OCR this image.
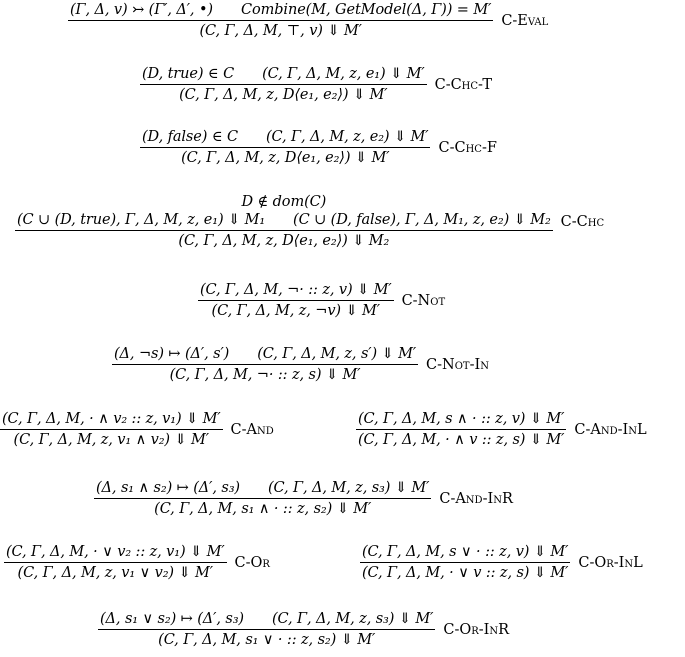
(Γ, Δ, v) ↣ (Γ′, Δ′, •) Combine(M, GetModel(Δ, Γ)) = M′
(C, Γ, Δ, M, ⊤, v) ⇓ M′
C-Eval
$\frac{\text{(D, true) ∈ C (C, Γ, Δ, M, z, e₁) ⇓ M′}}{\text{(C, Γ, Δ, M, z, D⟨e₁, e₂⟩) ⇓ M′}} C-Chc-T$
$\frac{\text{(D, false) ∈ C (C, Γ, Δ, M, z, e₂) ⇓ M′}}{\text{(C, Γ, Δ, M, z, D⟨e₁, e₂⟩) ⇓ M′}} C-Chc-F$
D ∉ dom(C)
(C ∪ (D, true), Γ, Δ, M, z, e₁) ⇓ M₁ (C ∪ (D, false), Γ, Δ, M₁, z, e₂) ⇓ M₂
(C, Γ, Δ, M, z, D⟨e₁, e₂⟩) ⇓ M₂
C-Chc
$\frac{(C, \Gamma, \Delta, M, \neg\cdot :: z, v) ⇓ M'}{(C, \Gamma, \Delta, M, z, \neg v) ⇓ M'} C-Not$
$\frac{(\Delta, \neg s) ↦ (\Delta', s') (C, \Gamma, \Delta, M, z, s') ⇓ M'}{(C, \Gamma, \Delta, M, \neg\cdot :: z, s) ⇓ M'} C-Not-In$
$\frac{\text{(C, Γ, Δ, M, · ∧ v₂ :: z, v₁) ⇓ M′}}{\text{(C, Γ, Δ, M, z, v₁ ∧ v₂) ⇓ M′}} C-And$	$\frac{(C, \Gamma, \Delta, M, s \wedge \cdot :: z, v) ⇓ M'}{(C, \Gamma, \Delta, M, \cdot \wedge v :: z, s) ⇓ M'} C-And-InL$
$\frac{\text{(Δ, s₁ ∧ s₂) ↦ (Δ′, s₃) (C, Γ, Δ, M, z, s₃) ⇓ M′}}{\text{(C, Γ, Δ, M, s₁ ∧ · :: z, s₂) ⇓ M′}} C-And-InR$
$\frac{\text{(C, Γ, Δ, M, · ∨ v₂ :: z, v₁) ⇓ M′}}{\text{(C, Γ, Δ, M, z, v₁ ∨ v₂) ⇓ M′}} C-Or$	$\frac{(C, \Gamma, \Delta, M, s \vee \cdot :: z, v) ⇓ M'}{(C, \Gamma, \Delta, M, \cdot \vee v :: z, s) ⇓ M'} C-Or-InL$
$\frac{\text{(Δ, s₁ ∨ s₂) ↦ (Δ′, s₃) (C, Γ, Δ, M, z, s₃) ⇓ M′}}{\text{(C, Γ, Δ, M, s₁ ∨ · :: z, s₂) ⇓ M′}} C-Or-InR$
